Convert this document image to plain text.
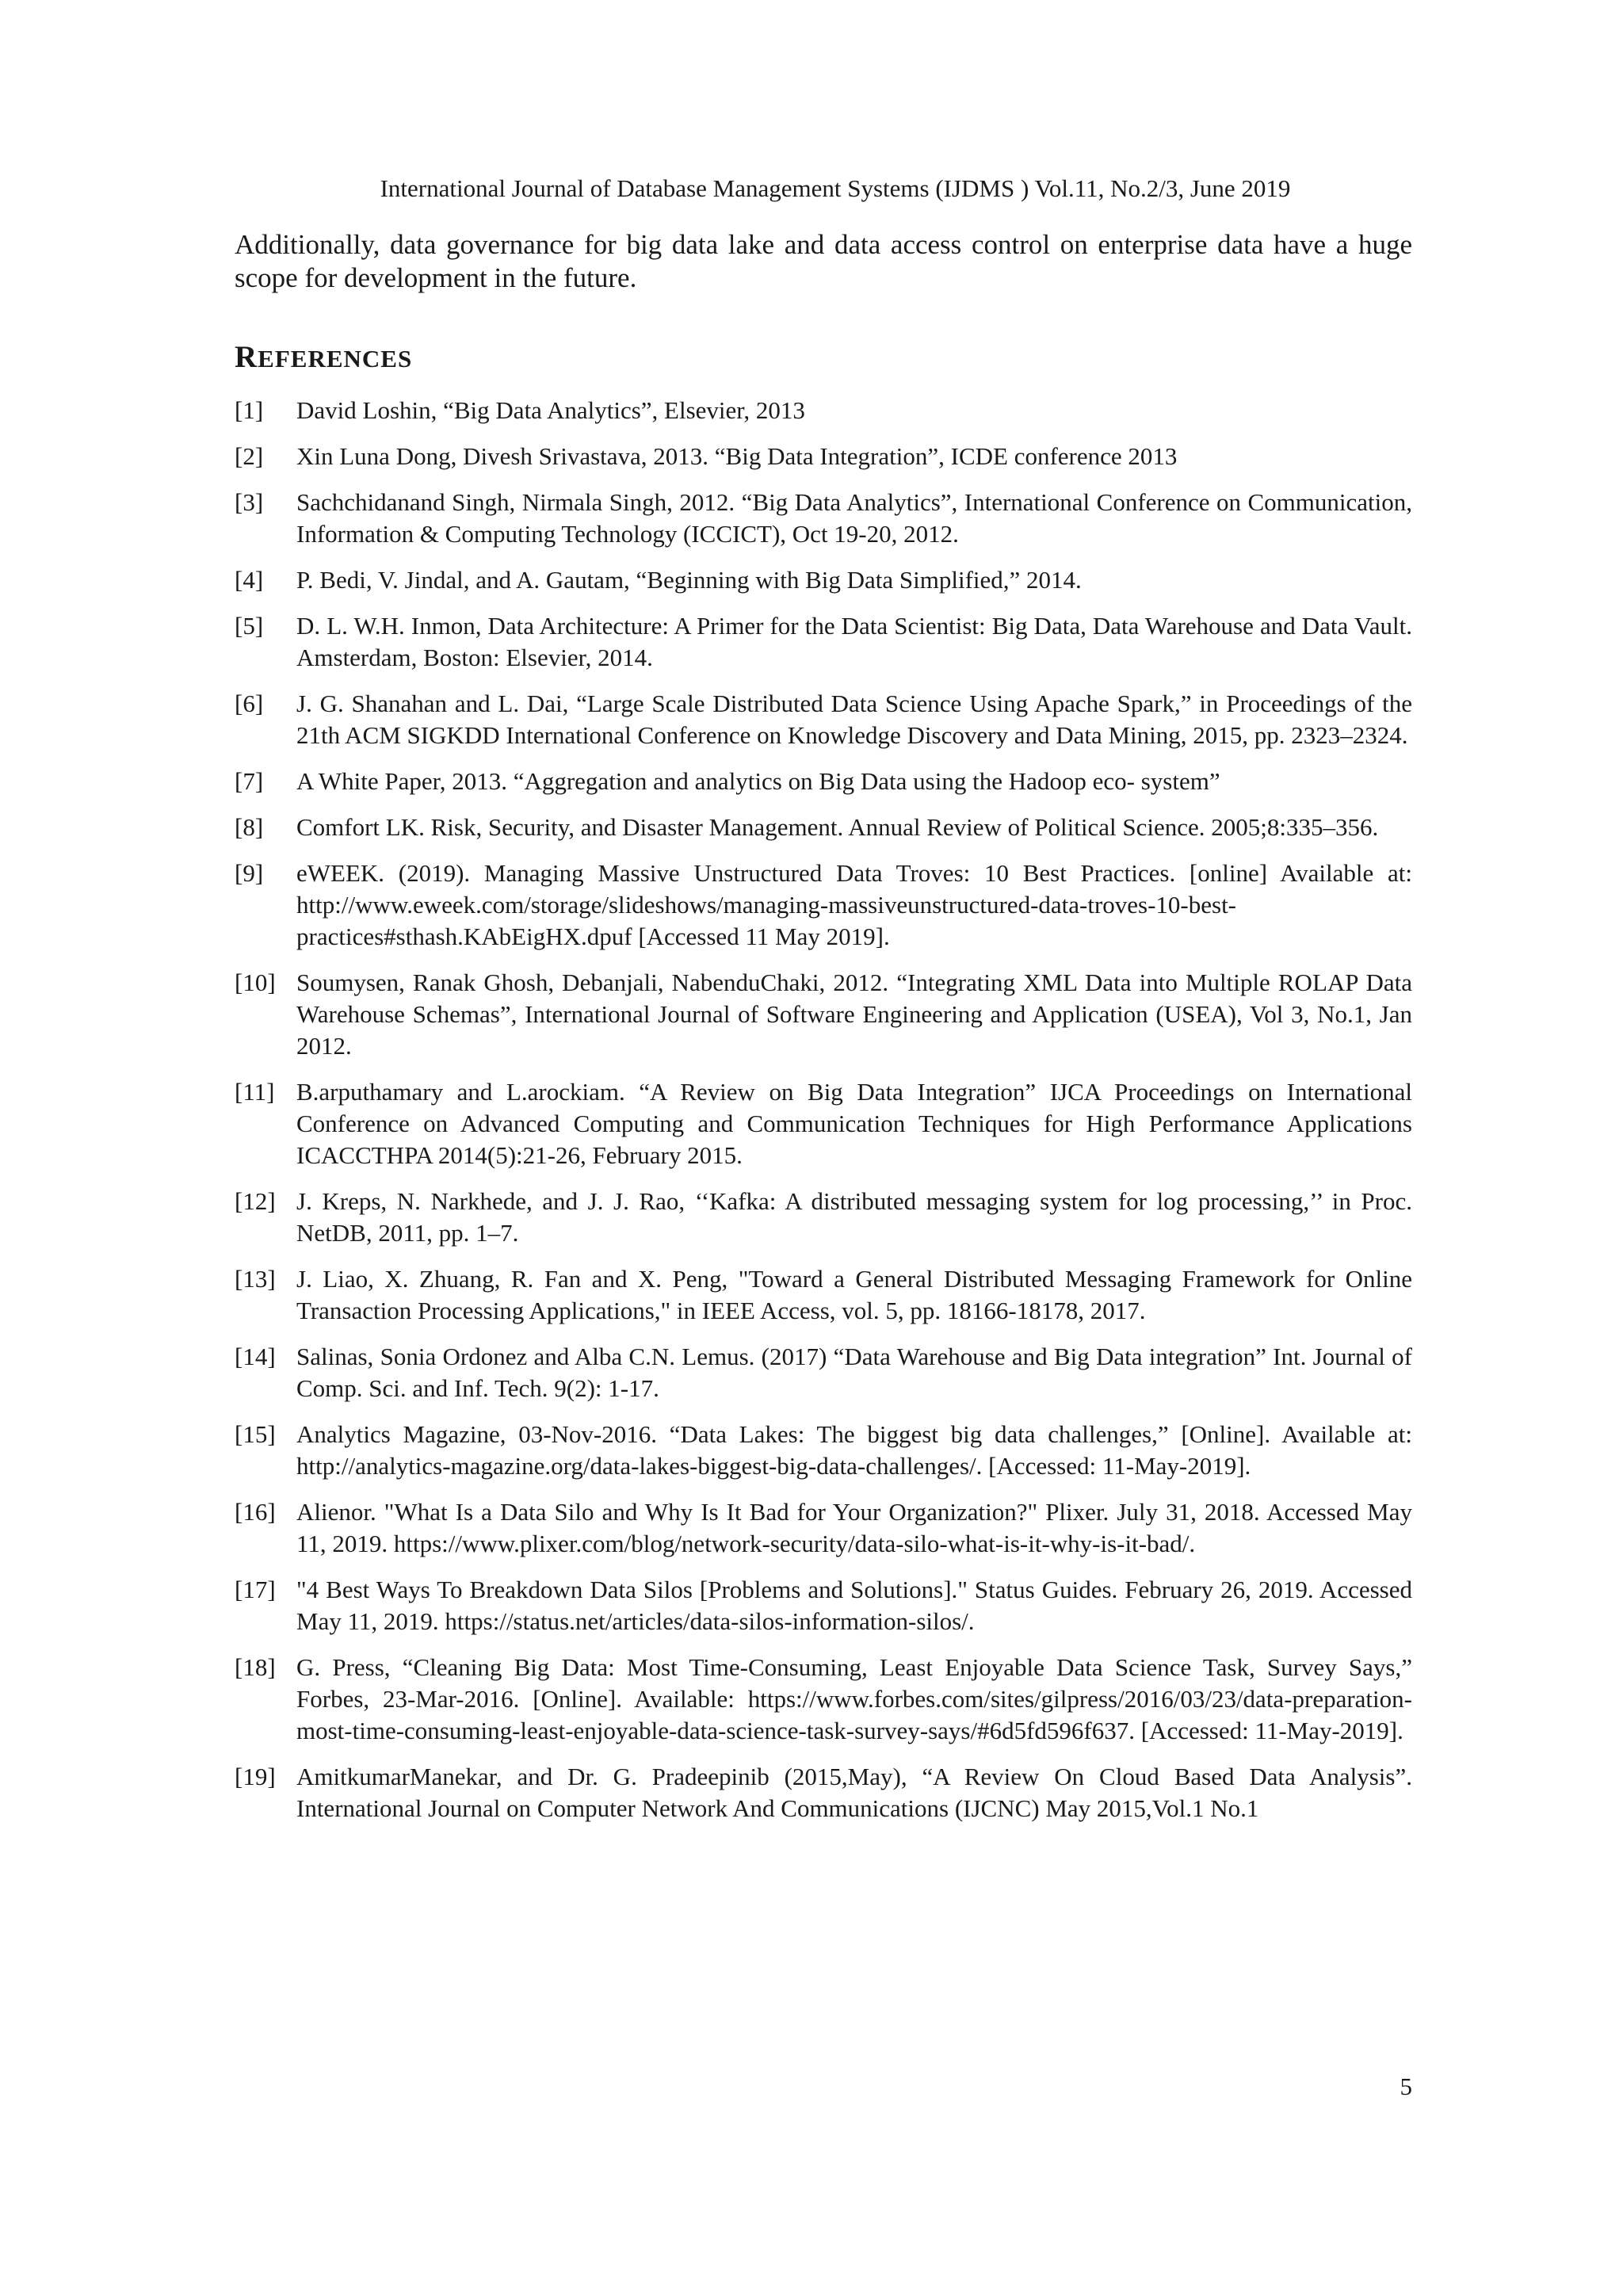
International Journal of Database Management Systems (IJDMS ) Vol.11, No.2/3, June 2019

Additionally, data governance for big data lake and data access control on enterprise data have a huge scope for development in the future.

REFERENCES
[1] David Loshin, “Big Data Analytics”, Elsevier, 2013
[2] Xin Luna Dong, Divesh Srivastava, 2013. “Big Data Integration”, ICDE conference 2013
[3] Sachchidanand Singh, Nirmala Singh, 2012. “Big Data Analytics”, International Conference on Communication, Information & Computing Technology (ICCICT), Oct 19-20, 2012.
[4] P. Bedi, V. Jindal, and A. Gautam, “Beginning with Big Data Simplified,” 2014.
[5] D. L. W.H. Inmon, Data Architecture: A Primer for the Data Scientist: Big Data, Data Warehouse and Data Vault. Amsterdam, Boston: Elsevier, 2014.
[6] J. G. Shanahan and L. Dai, “Large Scale Distributed Data Science Using Apache Spark,” in Proceedings of the 21th ACM SIGKDD International Conference on Knowledge Discovery and Data Mining, 2015, pp. 2323–2324.
[7] A White Paper, 2013. “Aggregation and analytics on Big Data using the Hadoop eco- system”
[8] Comfort LK. Risk, Security, and Disaster Management. Annual Review of Political Science. 2005;8:335–356.
[9] eWEEK. (2019). Managing Massive Unstructured Data Troves: 10 Best Practices. [online] Available at: http://www.eweek.com/storage/slideshows/managing-massiveunstructured-data-troves-10-best-practices#sthash.KAbEigHX.dpuf [Accessed 11 May 2019].
[10] Soumysen, Ranak Ghosh, Debanjali, NabenduChaki, 2012. “Integrating XML Data into Multiple ROLAP Data Warehouse Schemas”, International Journal of Software Engineering and Application (USEA), Vol 3, No.1, Jan 2012.
[11] B.arputhamary and L.arockiam. “A Review on Big Data Integration” IJCA Proceedings on International Conference on Advanced Computing and Communication Techniques for High Performance Applications ICACCTHPA 2014(5):21-26, February 2015.
[12] J. Kreps, N. Narkhede, and J. J. Rao, ‘‘Kafka: A distributed messaging system for log processing,’’ in Proc. NetDB, 2011, pp. 1–7.
[13] J. Liao, X. Zhuang, R. Fan and X. Peng, "Toward a General Distributed Messaging Framework for Online Transaction Processing Applications," in IEEE Access, vol. 5, pp. 18166-18178, 2017.
[14] Salinas, Sonia Ordonez and Alba C.N. Lemus. (2017) “Data Warehouse and Big Data integration” Int. Journal of Comp. Sci. and Inf. Tech. 9(2): 1-17.
[15] Analytics Magazine, 03-Nov-2016. “Data Lakes: The biggest big data challenges,” [Online]. Available at: http://analytics-magazine.org/data-lakes-biggest-big-data-challenges/. [Accessed: 11-May-2019].
[16] Alienor. "What Is a Data Silo and Why Is It Bad for Your Organization?" Plixer. July 31, 2018. Accessed May 11, 2019. https://www.plixer.com/blog/network-security/data-silo-what-is-it-why-is-it-bad/.
[17] "4 Best Ways To Breakdown Data Silos [Problems and Solutions]." Status Guides. February 26, 2019. Accessed May 11, 2019. https://status.net/articles/data-silos-information-silos/.
[18] G. Press, “Cleaning Big Data: Most Time-Consuming, Least Enjoyable Data Science Task, Survey Says,” Forbes, 23-Mar-2016. [Online]. Available: https://www.forbes.com/sites/gilpress/2016/03/23/data-preparation-most-time-consuming-least-enjoyable-data-science-task-survey-says/#6d5fd596f637. [Accessed: 11-May-2019].
[19] AmitkumarManekar, and Dr. G. Pradeepinib (2015,May), “A Review On Cloud Based Data Analysis”. International Journal on Computer Network And Communications (IJCNC) May 2015,Vol.1 No.1
5
